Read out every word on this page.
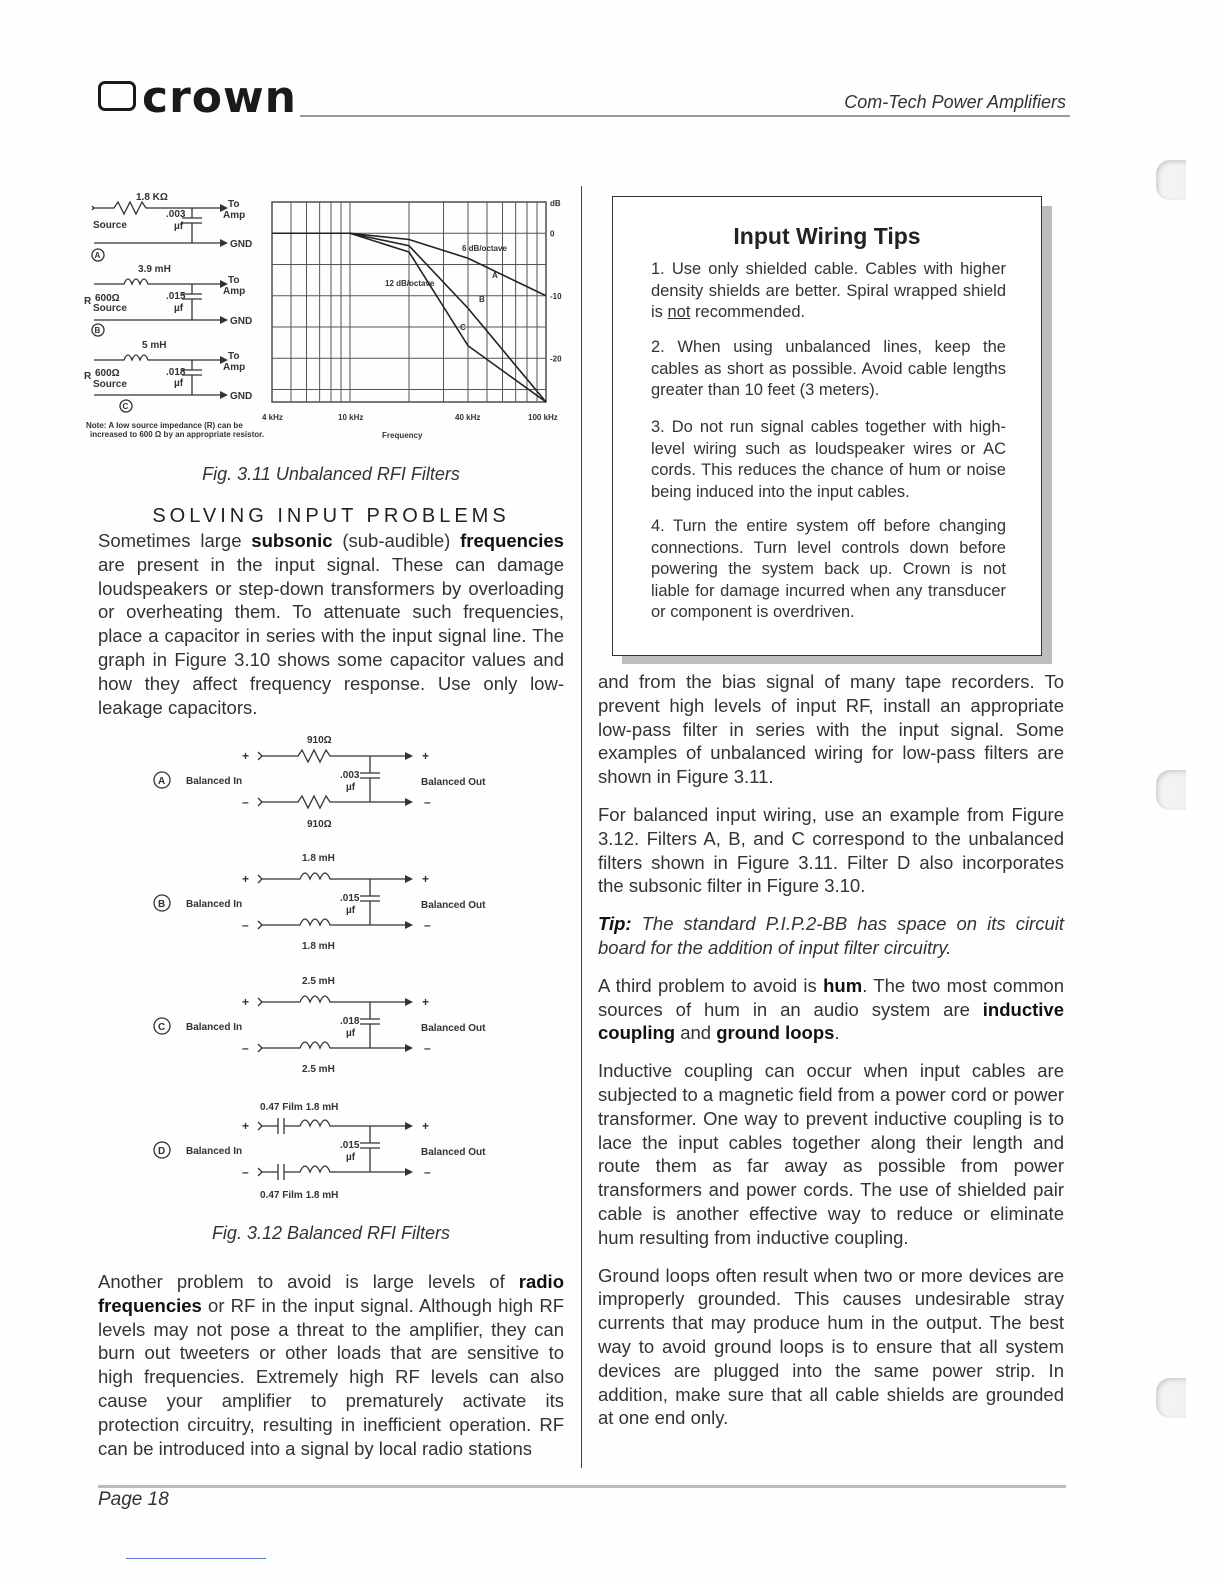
crown	Com-Tech Power Amplifiers
1.8 KΩ
To
Amp
.003
µf
Source
GND
A
3.9 mH
To
Amp
.015
µf
R 600Ω
Source
GND
B
5 mH
To
Amp
.018
µf
R 600Ω
Source
GND
C
Note: A low source impedance (R) can be
increased to 600 Ω by an appropriate resistor.
dB
0
-10
-20
4 kHz	10 kHz	40 kHz	100 kHz
Frequency
6 dB/octave
12 dB/octave
A
B
C
Fig. 3.11 Unbalanced RFI Filters
SOLVING INPUT PROBLEMS

Sometimes large subsonic (sub-audible) frequencies are present in the input signal. These can damage loudspeakers or step-down transformers by overloading or overheating them. To attenuate such frequencies, place a capacitor in series with the input signal line. The graph in Figure 3.10 shows some capacitor values and how they affect frequency response. Use only low-leakage capacitors.

910Ω
+	+
.003
µf
A Balanced In	Balanced Out
–	–
910Ω
1.8 mH
+	+
.015
µf
B Balanced In	Balanced Out
–	–
1.8 mH
2.5 mH
+	+
.018
µf
C Balanced In	Balanced Out
–	–
2.5 mH
0.47 Film 1.8 mH
+	+
.015
µf
D Balanced In	Balanced Out
–	–
0.47 Film 1.8 mH
Fig. 3.12 Balanced RFI Filters

Another problem to avoid is large levels of radio frequencies or RF in the input signal. Although high RF levels may not pose a threat to the amplifier, they can burn out tweeters or other loads that are sensitive to high frequencies. Extremely high RF levels can also cause your amplifier to prematurely activate its protection circuitry, resulting in inefficient operation. RF can be introduced into a signal by local radio stations

Input Wiring Tips
1. Use only shielded cable. Cables with higher density shields are better. Spiral wrapped shield is not recommended.
2. When using unbalanced lines, keep the cables as short as possible. Avoid cable lengths greater than 10 feet (3 meters).
3. Do not run signal cables together with high-level wiring such as loudspeaker wires or AC cords. This reduces the chance of hum or noise being induced into the input cables.
4. Turn the entire system off before changing connections. Turn level controls down before powering the system back up. Crown is not liable for damage incurred when any transducer or component is overdriven.

and from the bias signal of many tape recorders. To prevent high levels of input RF, install an appropriate low-pass filter in series with the input signal. Some examples of unbalanced wiring for low-pass filters are shown in Figure 3.11.

For balanced input wiring, use an example from Figure 3.12. Filters A, B, and C correspond to the unbalanced filters shown in Figure 3.11. Filter D also incorporates the subsonic filter in Figure 3.10.

Tip: The standard P.I.P.2-BB has space on its circuit board for the addition of input filter circuitry.

A third problem to avoid is hum. The two most common sources of hum in an audio system are inductive coupling and ground loops.

Inductive coupling can occur when input cables are subjected to a magnetic field from a power cord or power transformer. One way to prevent inductive coupling is to lace the input cables together along their length and route them as far away as possible from power transformers and power cords. The use of shielded pair cable is another effective way to reduce or eliminate hum resulting from inductive coupling.

Ground loops often result when two or more devices are improperly grounded. This causes undesirable stray currents that may produce hum in the output. The best way to avoid ground loops is to ensure that all system devices are plugged into the same power strip. In addition, make sure that all cable shields are grounded at one end only.

Page 18
